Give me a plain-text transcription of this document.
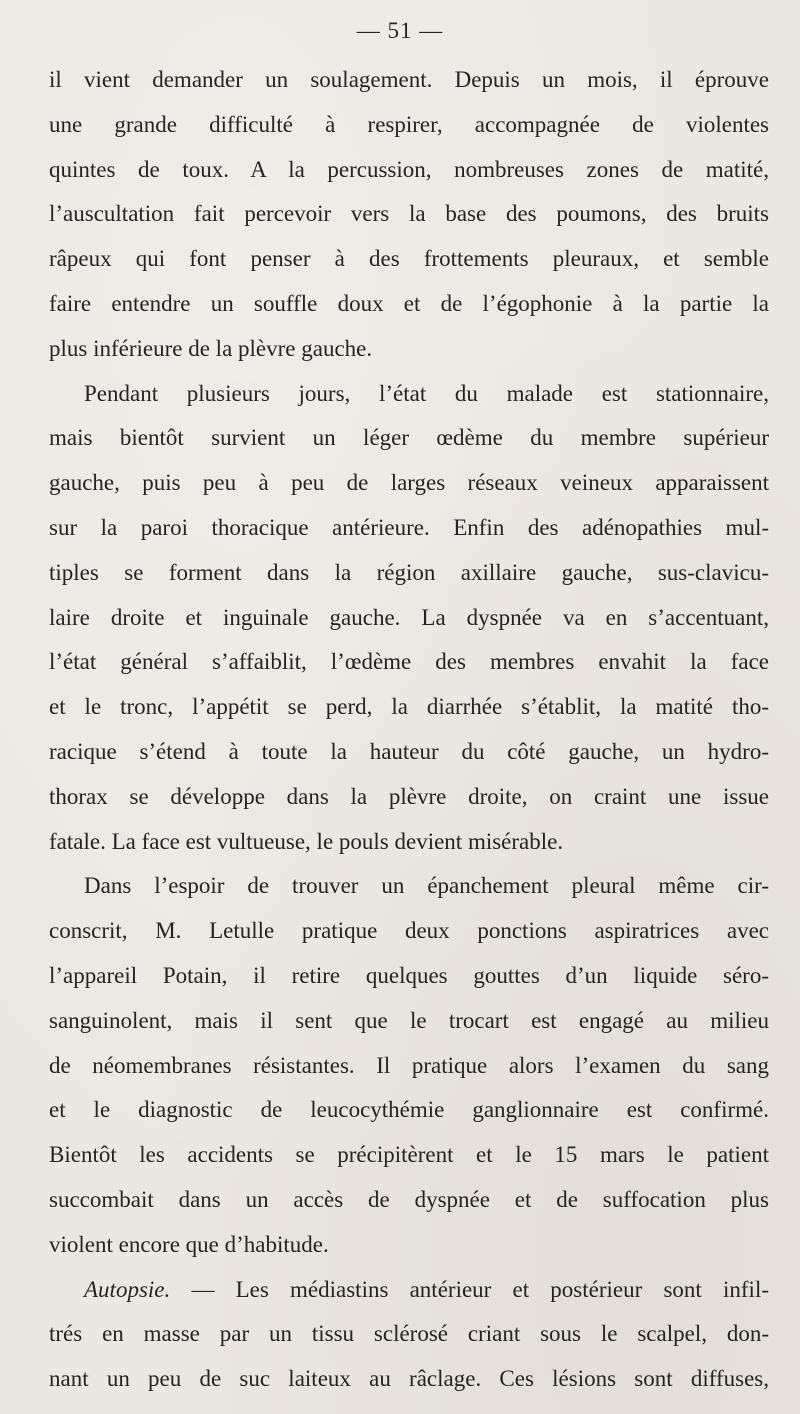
— 51 —

il vient demander un soulagement. Depuis un mois, il éprouve

une grande difficulté à respirer, accompagnée de violentes

quintes de toux. A la percussion, nombreuses zones de matité,

l’auscultation fait percevoir vers la base des poumons, des bruits

râpeux qui font penser à des frottements pleuraux, et semble

faire entendre un souffle doux et de l’égophonie à la partie la

plus inférieure de la plèvre gauche.

Pendant plusieurs jours, l’état du malade est stationnaire,

mais bientôt survient un léger œdème du membre supérieur

gauche, puis peu à peu de larges réseaux veineux apparaissent

sur la paroi thoracique antérieure. Enfin des adénopathies mul-

tiples se forment dans la région axillaire gauche, sus-clavicu-

laire droite et inguinale gauche. La dyspnée va en s’accentuant,

l’état général s’affaiblit, l’œdème des membres envahit la face

et le tronc, l’appétit se perd, la diarrhée s’établit, la matité tho-

racique s’étend à toute la hauteur du côté gauche, un hydro-

thorax se développe dans la plèvre droite, on craint une issue

fatale. La face est vultueuse, le pouls devient misérable.

Dans l’espoir de trouver un épanchement pleural même cir-

conscrit, M. Letulle pratique deux ponctions aspiratrices avec

l’appareil Potain, il retire quelques gouttes d’un liquide séro-

sanguinolent, mais il sent que le trocart est engagé au milieu

de néomembranes résistantes. Il pratique alors l’examen du sang

et le diagnostic de leucocythémie ganglionnaire est confirmé.

Bientôt les accidents se précipitèrent et le 15 mars le patient

succombait dans un accès de dyspnée et de suffocation plus

violent encore que d’habitude.

Autopsie. — Les médiastins antérieur et postérieur sont infil-

trés en masse par un tissu sclérosé criant sous le scalpel, don-

nant un peu de suc laiteux au râclage. Ces lésions sont diffuses,
